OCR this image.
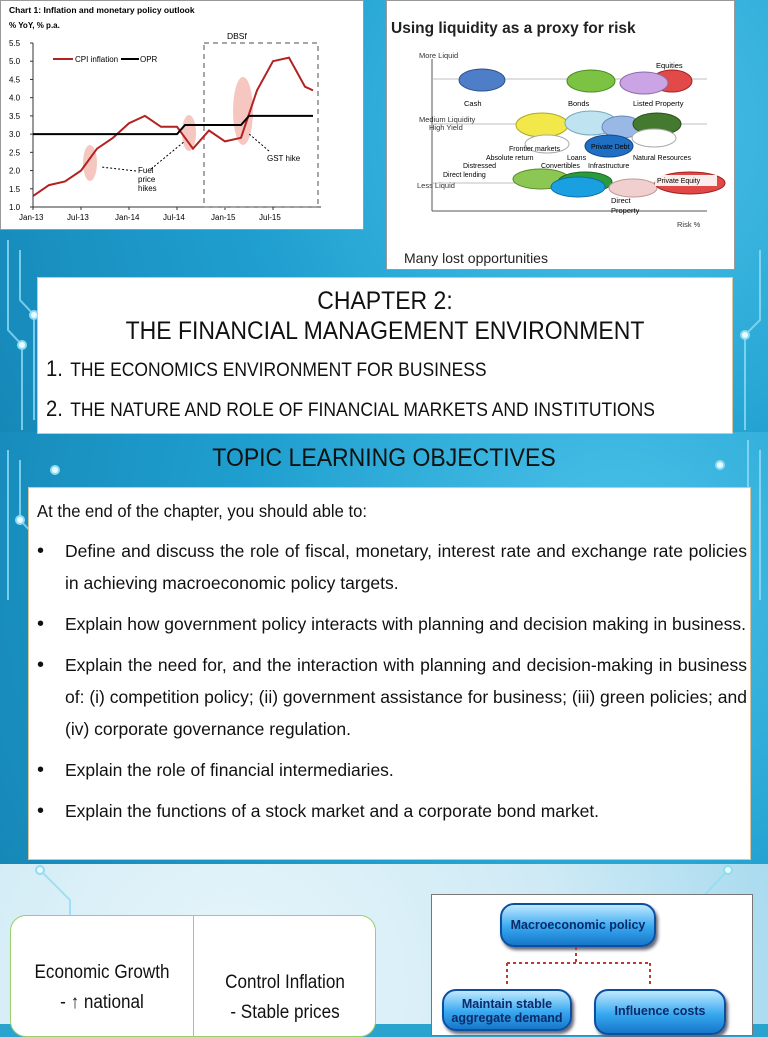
Chart 1: Inflation and monetary policy outlook
% YoY, % p.a.
5.5
5.0
4.5
4.0
3.5
3.0
2.5
2.0
1.5
1.0
Jan-13	Jul-13	Jan-14	Jul-14	Jan-15	Jul-15
DBSf
CPI inflation	OPR
Fuel
price
hikes
GST hike
Using liquidity as a proxy for risk
More Liquid
Medium Liquidity
High Yield
Less Liquid
Risk %
Equities
Cash	Bonds	Listed Property
Frontier markets	Private Debt
Absolute return	Loans	Natural Resources
Distressed	Convertibles Infrastructure
Direct lending
Private Equity
Direct
Property
Many lost opportunities
CHAPTER 2:
THE FINANCIAL MANAGEMENT ENVIRONMENT
1. THE ECONOMICS ENVIRONMENT FOR BUSINESS
2. THE NATURE AND ROLE OF FINANCIAL MARKETS AND INSTITUTIONS
TOPIC LEARNING OBJECTIVES
At the end of the chapter, you should able to:
• Define and discuss the role of fiscal, monetary, interest rate and exchange rate policies in achieving macroeconomic policy targets.
• Explain how government policy interacts with planning and decision making in business.
• Explain the need for, and the interaction with planning and decision-making in business of: (i) competition policy; (ii) government assistance for business; (iii) green policies; and (iv) corporate governance regulation.
• Explain the role of financial intermediaries.
• Explain the functions of a stock market and a corporate bond market.
Economic Growth
- ↑ national
Control Inflation
- Stable prices
Macroeconomic policy
Maintain stable
aggregate demand	Influence costs
